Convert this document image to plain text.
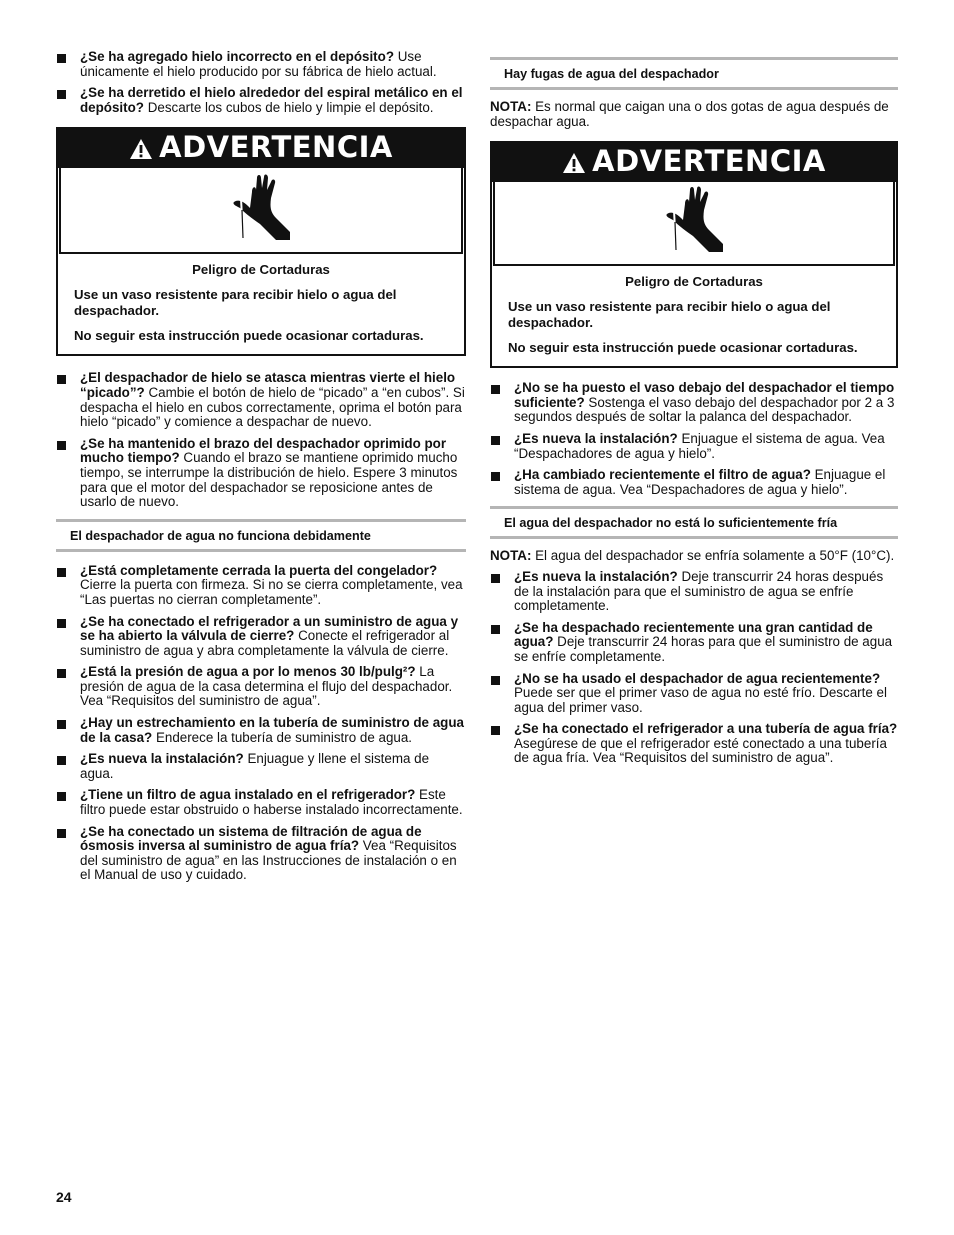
¿Se ha agregado hielo incorrecto en el depósito? Use únicamente el hielo producido por su fábrica de hielo actual.
¿Se ha derretido el hielo alrededor del espiral metálico en el depósito? Descarte los cubos de hielo y limpie el depósito.
ADVERTENCIA
Peligro de Cortaduras

Use un vaso resistente para recibir hielo o agua del despachador.

No seguir esta instrucción puede ocasionar cortaduras.

¿El despachador de hielo se atasca mientras vierte el hielo “picado”? Cambie el botón de hielo de “picado” a “en cubos”. Si despacha el hielo en cubos correctamente, oprima el botón para hielo “picado” y comience a despachar de nuevo.
¿Se ha mantenido el brazo del despachador oprimido por mucho tiempo? Cuando el brazo se mantiene oprimido mucho tiempo, se interrumpe la distribución de hielo. Espere 3 minutos para que el motor del despachador se reposicione antes de usarlo de nuevo.
El despachador de agua no funciona debidamente
¿Está completamente cerrada la puerta del congelador? Cierre la puerta con firmeza. Si no se cierra completamente, vea “Las puertas no cierran completamente”.
¿Se ha conectado el refrigerador a un suministro de agua y se ha abierto la válvula de cierre? Conecte el refrigerador al suministro de agua y abra completamente la válvula de cierre.
¿Está la presión de agua a por lo menos 30 lb/pulg²? La presión de agua de la casa determina el flujo del despachador. Vea “Requisitos del suministro de agua”.
¿Hay un estrechamiento en la tubería de suministro de agua de la casa? Enderece la tubería de suministro de agua.
¿Es nueva la instalación? Enjuague y llene el sistema de agua.
¿Tiene un filtro de agua instalado en el refrigerador? Este filtro puede estar obstruido o haberse instalado incorrectamente.
¿Se ha conectado un sistema de filtración de agua de ósmosis inversa al suministro de agua fría? Vea “Requisitos del suministro de agua” en las Instrucciones de instalación o en el Manual de uso y cuidado.
Hay fugas de agua del despachador

NOTA: Es normal que caigan una o dos gotas de agua después de despachar agua.

ADVERTENCIA
Peligro de Cortaduras

Use un vaso resistente para recibir hielo o agua del despachador.

No seguir esta instrucción puede ocasionar cortaduras.

¿No se ha puesto el vaso debajo del despachador el tiempo suficiente? Sostenga el vaso debajo del despachador por 2 a 3 segundos después de soltar la palanca del despachador.
¿Es nueva la instalación? Enjuague el sistema de agua. Vea “Despachadores de agua y hielo”.
¿Ha cambiado recientemente el filtro de agua? Enjuague el sistema de agua. Vea “Despachadores de agua y hielo”.
El agua del despachador no está lo suficientemente fría

NOTA: El agua del despachador se enfría solamente a 50°F (10°C).

¿Es nueva la instalación? Deje transcurrir 24 horas después de la instalación para que el suministro de agua se enfríe completamente.
¿Se ha despachado recientemente una gran cantidad de agua? Deje transcurrir 24 horas para que el suministro de agua se enfríe completamente.
¿No se ha usado el despachador de agua recientemente? Puede ser que el primer vaso de agua no esté frío. Descarte el agua del primer vaso.
¿Se ha conectado el refrigerador a una tubería de agua fría? Asegúrese de que el refrigerador esté conectado a una tubería de agua fría. Vea “Requisitos del suministro de agua”.
24
